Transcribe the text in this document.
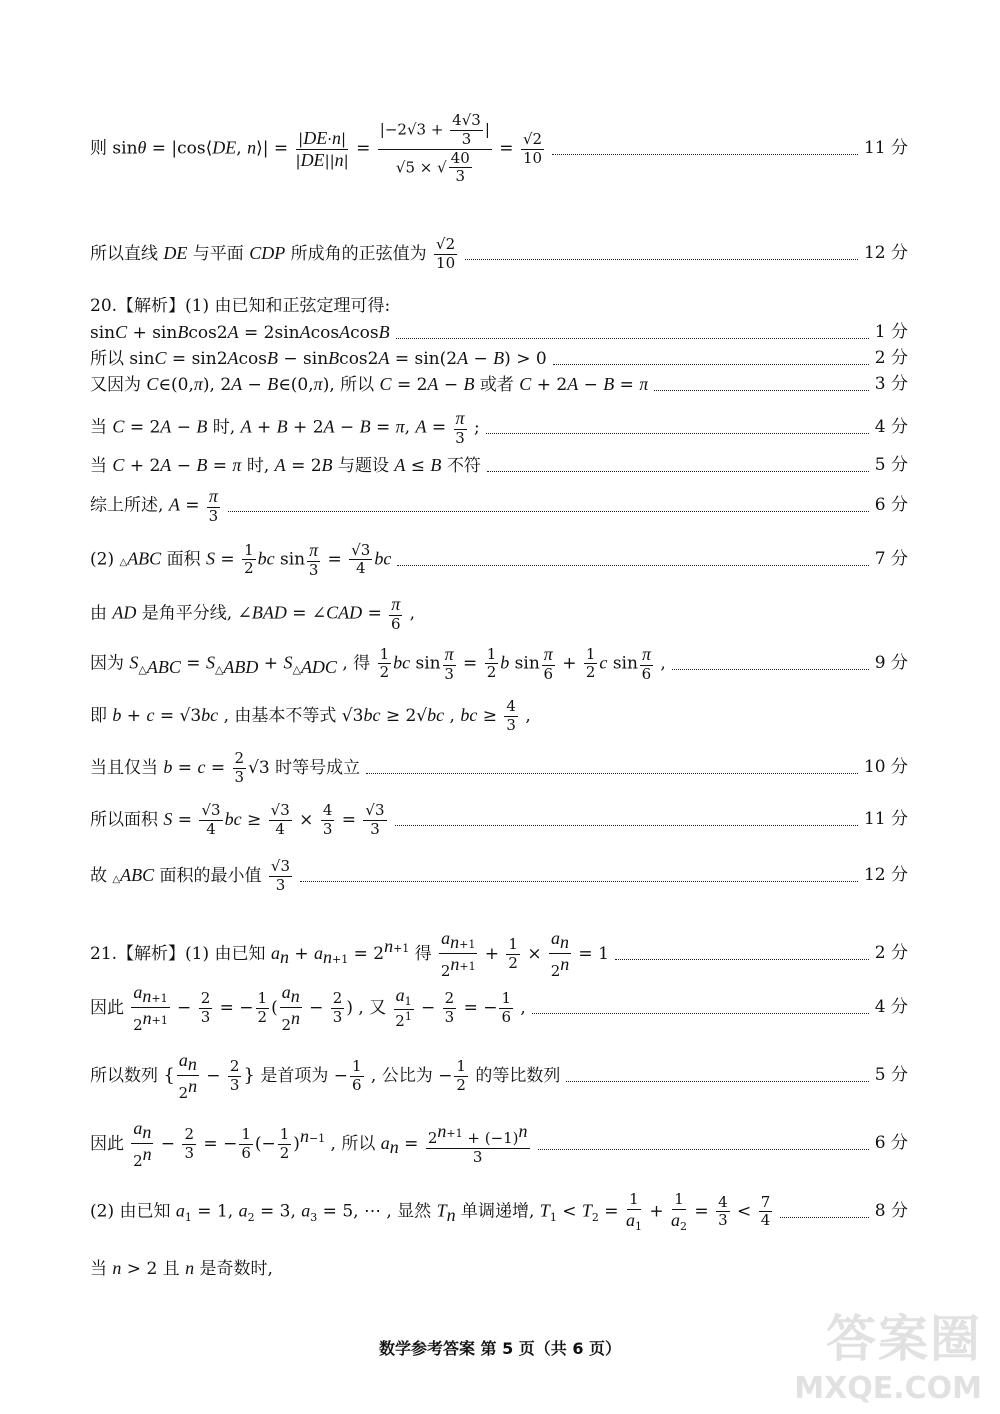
则 sinθ = |cos⟨DE, n⟩| = $\frac{|DE\cdot n|}{|DE||n|} = \frac{|-2√3 + \frac{4√3}{3} |}{√5 \times √ \frac{40}{3}} = \frac{√2}{10}$	11 分
所以直线 DE 与平面 CDP 所成角的正弦值为 $\frac{√2}{10}$	12 分
20.【解析】(1) 由已知和正弦定理可得:
sinC + sinBcos2A = 2sinAcosAcosB	1 分
所以 sinC = sin2AcosB − sinBcos2A = sin(2A − B) > 0	2 分
又因为 C∈(0,π), 2A − B∈(0,π), 所以 C = 2A − B 或者 C + 2A − B = π	3 分
当 C = 2A − B 时, A + B + 2A − B = π, $A = \frac{\pi}{3}$ ;	4 分
当 C + 2A − B = π 时, A = 2B 与题设 A ≤ B 不符	5 分
综上所述, $A = \frac{\pi}{3}$	6 分
(2) △ABC 面积 $S = \frac{1}{2}$ bc $\sin \frac{\pi}{3} = \frac{√3}{4}$ bc	7 分
由 AD 是角平分线, ∠BAD = ∠CAD = $\frac{\pi}{6}$ ,
因为 $S_{\triangle ABC} = S_{\triangle ABD} + S_{\triangle ADC}$ , 得 $\frac{1}{2}$ bc $\sin \frac{\pi}{3} = \frac{1}{2}$ b $\sin \frac{\pi}{6} + \frac{1}{2}$ c $\sin \frac{\pi}{6}$ ,	9 分
即 b + c = √3bc , 由基本不等式 √3bc ≥ 2√bc , bc ≥ $\frac{4}{3}$ ,
当且仅当 $b = c = \frac{2}{3} √3$ 时等号成立	10 分
所以面积 $S = \frac{√3}{4}$ bc ≥ $\frac{√3}{4} \times \frac{4}{3} = \frac{√3}{3}$	11 分
故 △ABC 面积的最小值 $\frac{√3}{3}$	12 分
21.【解析】(1) 由已知 $a_n + a_{n+1} = 2^{n+1}$ 得 $\frac{a_{n+1}}{2^{n+1}} + \frac{1}{2} \times \frac{a_n}{2^n} = 1$	2 分
因此 $\frac{a_{n+1}}{2^{n+1}} - \frac{2}{3}$ = − $\frac{1}{2}$ ( $\frac{a_n}{2^n} - \frac{2}{3}$ ) , 又 $\frac{a_1}{2^1} - \frac{2}{3}$ = − $\frac{1}{6}$ ,	4 分
所以数列 { $\frac{a_n}{2^n} - \frac{2}{3}$ } 是首项为 − $\frac{1}{6}$ , 公比为 − $\frac{1}{2}$ 的等比数列	5 分
因此 $\frac{a_n}{2^n} - \frac{2}{3}$ = − $\frac{1}{6}$ (− $\frac{1}{2} )^{n-1}$ , 所以 $a_n = \frac{2^{n+1} + (-1)^n}{3}$	6 分
(2) 由已知 $a_1 = 1$, $a_2 = 3$, $a_3 = 5$, ⋯ , 显然 $T_n$ 单调递增, $T_1 < T_2 = \frac{1}{a_1} + \frac{1}{a_2} = \frac{4}{3} < \frac{7}{4}$	8 分
当 n > 2 且 n 是奇数时,
数学参考答案 第 5 页（共 6 页）	答案圈
MXQE.COM
